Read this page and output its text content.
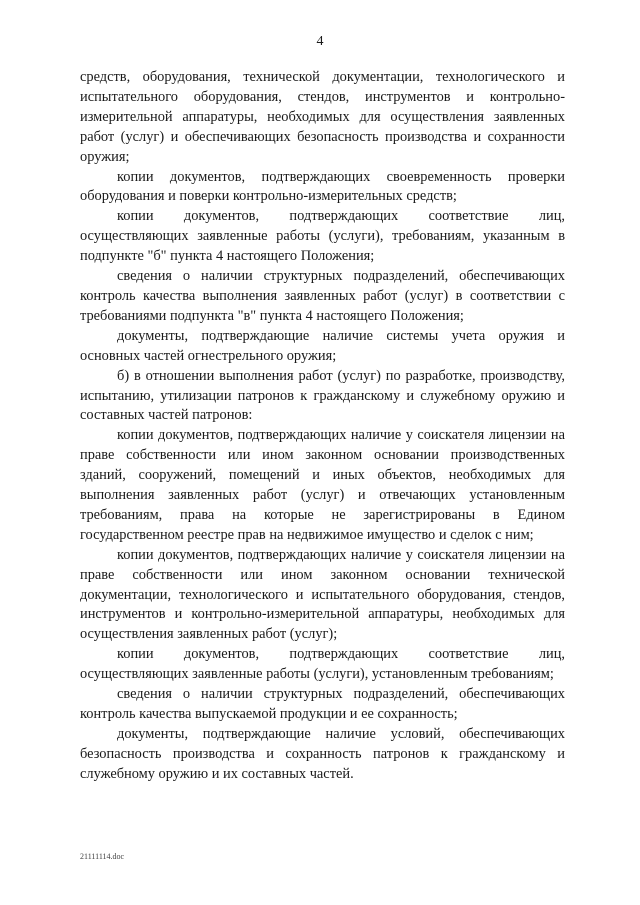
4

средств, оборудования, технической документации, технологического и испытательного оборудования, стендов, инструментов и контрольно-измерительной аппаратуры, необходимых для осуществления заявленных работ (услуг) и обеспечивающих безопасность производства и сохранности оружия;

копии документов, подтверждающих своевременность проверки оборудования и поверки контрольно-измерительных средств;

копии документов, подтверждающих соответствие лиц, осуществляющих заявленные работы (услуги), требованиям, указанным в подпункте "б" пункта 4 настоящего Положения;

сведения о наличии структурных подразделений, обеспечивающих контроль качества выполнения заявленных работ (услуг) в соответствии с требованиями подпункта "в" пункта 4 настоящего Положения;

документы, подтверждающие наличие системы учета оружия и основных частей огнестрельного оружия;

б) в отношении выполнения работ (услуг) по разработке, производству, испытанию, утилизации патронов к гражданскому и служебному оружию и составных частей патронов:

копии документов, подтверждающих наличие у соискателя лицензии на праве собственности или ином законном основании производственных зданий, сооружений, помещений и иных объектов, необходимых для выполнения заявленных работ (услуг) и отвечающих установленным требованиям, права на которые не зарегистрированы в Едином государственном реестре прав на недвижимое имущество и сделок с ним;

копии документов, подтверждающих наличие у соискателя лицензии на праве собственности или ином законном основании технической документации, технологического и испытательного оборудования, стендов, инструментов и контрольно-измерительной аппаратуры, необходимых для осуществления заявленных работ (услуг);

копии документов, подтверждающих соответствие лиц, осуществляющих заявленные работы (услуги), установленным требованиям;

сведения о наличии структурных подразделений, обеспечивающих контроль качества выпускаемой продукции и ее сохранность;

документы, подтверждающие наличие условий, обеспечивающих безопасность производства и сохранность патронов к гражданскому и служебному оружию и их составных частей.

21111114.doc
